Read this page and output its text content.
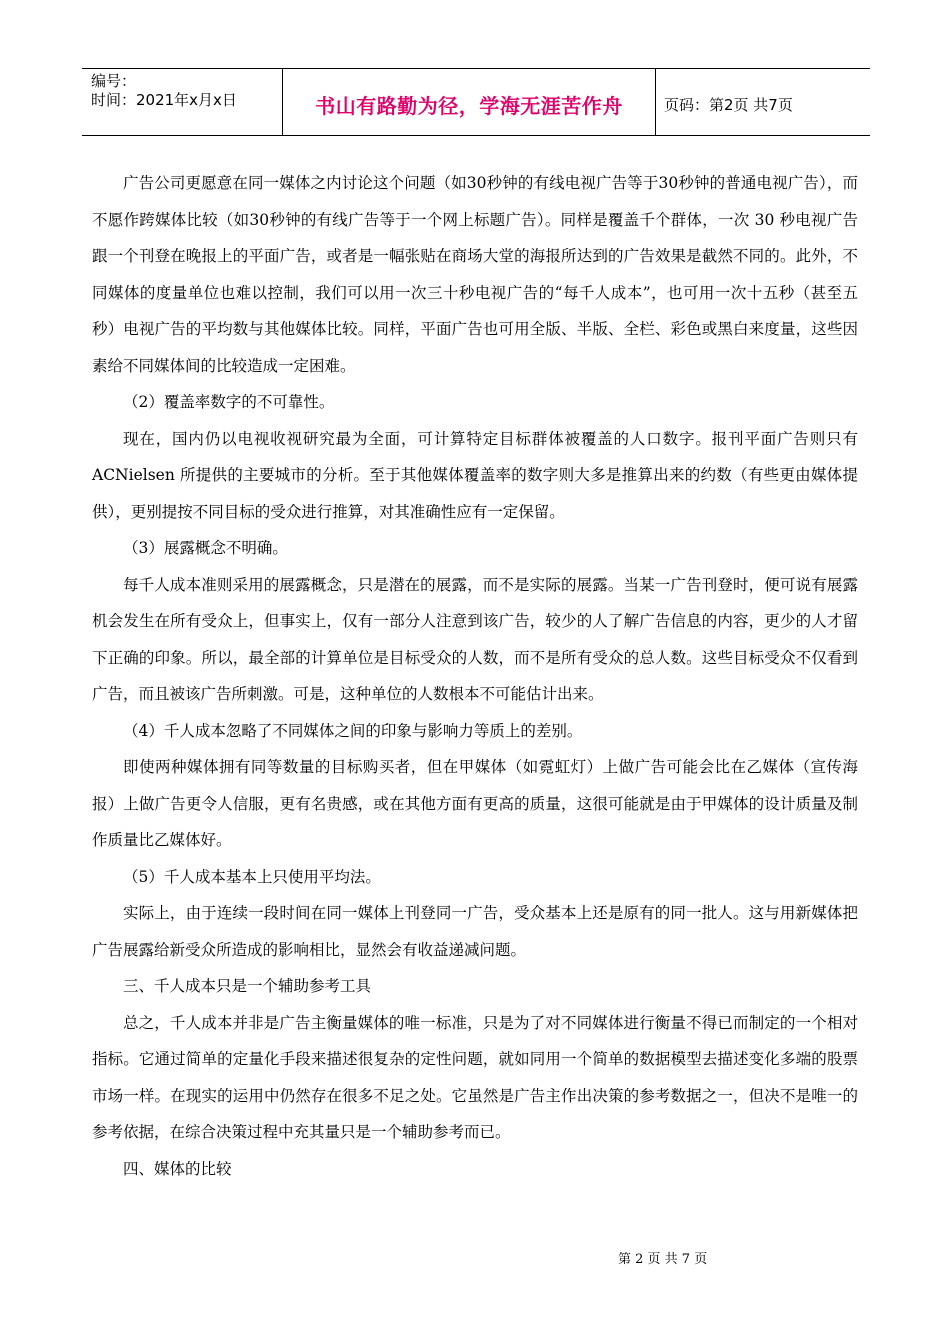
编号：
时间：2021年x月x日	书山有路勤为径，学海无涯苦作舟	页码：第2页 共7页

广告公司更愿意在同一媒体之内讨论这个问题（如30秒钟的有线电视广告等于30秒钟的普通电视广告），而不愿作跨媒体比较（如30秒钟的有线广告等于一个网上标题广告）。同样是覆盖千个群体，一次 30 秒电视广告跟一个刊登在晚报上的平面广告，或者是一幅张贴在商场大堂的海报所达到的广告效果是截然不同的。此外，不同媒体的度量单位也难以控制，我们可以用一次三十秒电视广告的“每千人成本”，也可用一次十五秒（甚至五秒）电视广告的平均数与其他媒体比较。同样，平面广告也可用全版、半版、全栏、彩色或黑白来度量，这些因素给不同媒体间的比较造成一定困难。

（2）覆盖率数字的不可靠性。

现在，国内仍以电视收视研究最为全面，可计算特定目标群体被覆盖的人口数字。报刊平面广告则只有 ACNielsen 所提供的主要城市的分析。至于其他媒体覆盖率的数字则大多是推算出来的约数（有些更由媒体提供），更别提按不同目标的受众进行推算，对其准确性应有一定保留。

（3）展露概念不明确。

每千人成本准则采用的展露概念，只是潜在的展露，而不是实际的展露。当某一广告刊登时，便可说有展露机会发生在所有受众上，但事实上，仅有一部分人注意到该广告，较少的人了解广告信息的内容，更少的人才留下正确的印象。所以，最全部的计算单位是目标受众的人数，而不是所有受众的总人数。这些目标受众不仅看到广告，而且被该广告所刺激。可是，这种单位的人数根本不可能估计出来。

（4）千人成本忽略了不同媒体之间的印象与影响力等质上的差别。

即使两种媒体拥有同等数量的目标购买者，但在甲媒体（如霓虹灯）上做广告可能会比在乙媒体（宣传海报）上做广告更令人信服，更有名贵感，或在其他方面有更高的质量，这很可能就是由于甲媒体的设计质量及制作质量比乙媒体好。

（5）千人成本基本上只使用平均法。

实际上，由于连续一段时间在同一媒体上刊登同一广告，受众基本上还是原有的同一批人。这与用新媒体把广告展露给新受众所造成的影响相比，显然会有收益递减问题。

三、千人成本只是一个辅助参考工具

总之，千人成本并非是广告主衡量媒体的唯一标准，只是为了对不同媒体进行衡量不得已而制定的一个相对指标。它通过简单的定量化手段来描述很复杂的定性问题，就如同用一个简单的数据模型去描述变化多端的股票市场一样。在现实的运用中仍然存在很多不足之处。它虽然是广告主作出决策的参考数据之一，但决不是唯一的参考依据，在综合决策过程中充其量只是一个辅助参考而已。

四、媒体的比较

第 2 页 共 7 页
